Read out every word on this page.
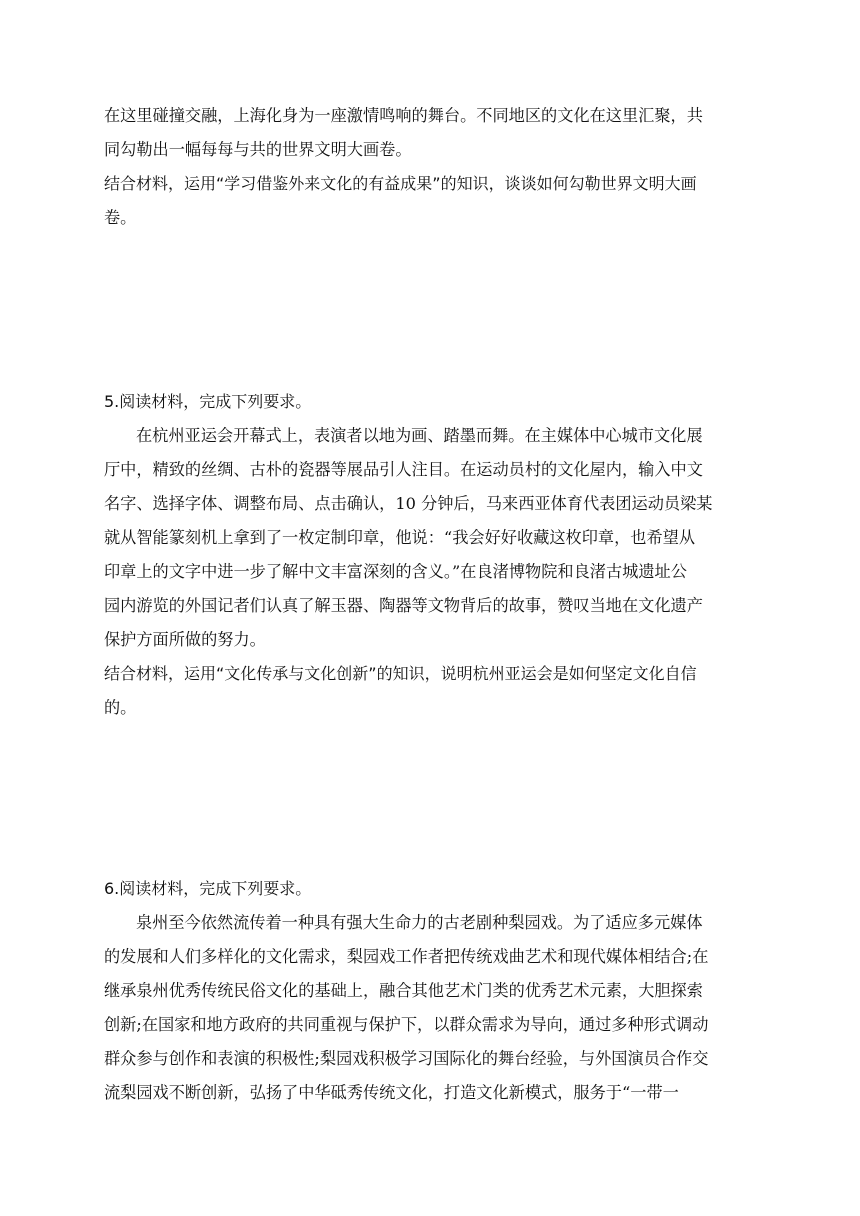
在这里碰撞交融，上海化身为一座激情鸣响的舞台。不同地区的文化在这里汇聚，共
同勾勒出一幅每每与共的世界文明大画卷。
结合材料，运用“学习借鉴外来文化的有益成果”的知识，谈谈如何勾勒世界文明大画
卷。
5.阅读材料，完成下列要求。
在杭州亚运会开幕式上，表演者以地为画、踏墨而舞。在主媒体中心城市文化展
厅中，精致的丝绸、古朴的瓷器等展品引人注目。在运动员村的文化屋内，输入中文
名字、选择字体、调整布局、点击确认，10 分钟后，马来西亚体育代表团运动员梁某
就从智能篆刻机上拿到了一枚定制印章，他说：“我会好好收藏这枚印章，也希望从
印章上的文字中进一步了解中文丰富深刻的含义。”在良渚博物院和良渚古城遗址公
园内游览的外国记者们认真了解玉器、陶器等文物背后的故事，赞叹当地在文化遗产
保护方面所做的努力。
结合材料，运用“文化传承与文化创新”的知识，说明杭州亚运会是如何坚定文化自信
的。
6.阅读材料，完成下列要求。
泉州至今依然流传着一种具有强大生命力的古老剧种梨园戏。为了适应多元媒体
的发展和人们多样化的文化需求，梨园戏工作者把传统戏曲艺术和现代媒体相结合;在
继承泉州优秀传统民俗文化的基础上，融合其他艺术门类的优秀艺术元素，大胆探索
创新;在国家和地方政府的共同重视与保护下，以群众需求为导向，通过多种形式调动
群众参与创作和表演的积极性;梨园戏积极学习国际化的舞台经验，与外国演员合作交
流梨园戏不断创新，弘扬了中华砥秀传统文化，打造文化新模式，服务于“一带一
